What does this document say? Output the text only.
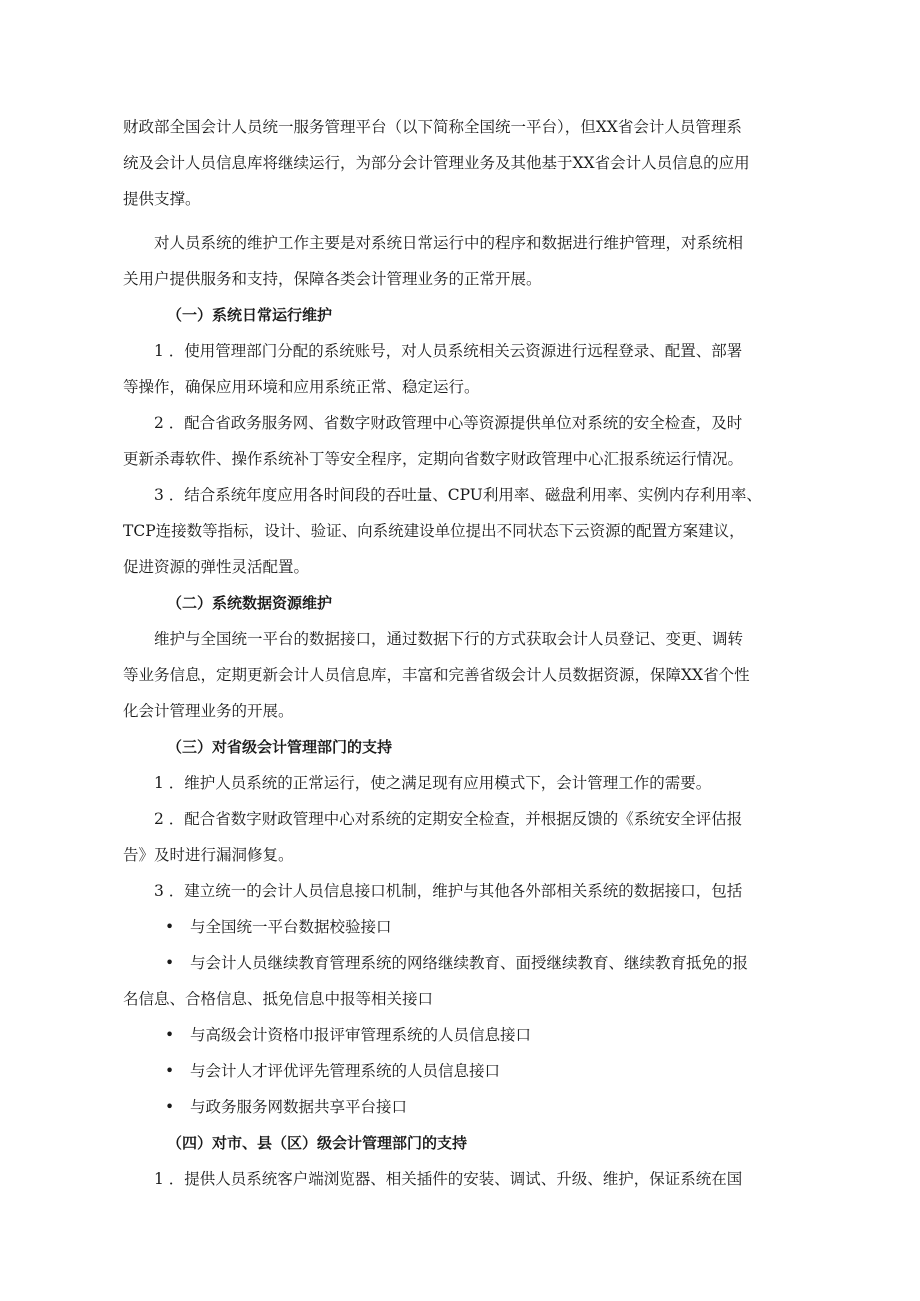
财政部全国会计人员统一服务管理平台（以下简称全国统一平台），但XX省会计人员管理系

统及会计人员信息库将继续运行，为部分会计管理业务及其他基于XX省会计人员信息的应用

提供支撑。

对人员系统的维护工作主要是对系统日常运行中的程序和数据进行维护管理，对系统相

关用户提供服务和支持，保障各类会计管理业务的正常开展。

（一）系统日常运行维护

1 ．使用管理部门分配的系统账号，对人员系统相关云资源进行远程登录、配置、部署

等操作，确保应用环境和应用系统正常、稳定运行。

2 ．配合省政务服务网、省数字财政管理中心等资源提供单位对系统的安全检查，及时

更新杀毒软件、操作系统补丁等安全程序，定期向省数字财政管理中心汇报系统运行情况。

3 ．结合系统年度应用各时间段的吞吐量、CPU利用率、磁盘利用率、实例内存利用率、

TCP连接数等指标，设计、验证、向系统建设单位提出不同状态下云资源的配置方案建议，

促进资源的弹性灵活配置。

（二）系统数据资源维护

维护与全国统一平台的数据接口，通过数据下行的方式获取会计人员登记、变更、调转

等业务信息，定期更新会计人员信息库，丰富和完善省级会计人员数据资源，保障XX省个性

化会计管理业务的开展。

（三）对省级会计管理部门的支持

1 ．维护人员系统的正常运行，使之满足现有应用模式下，会计管理工作的需要。

2 ．配合省数字财政管理中心对系统的定期安全检查，并根据反馈的《系统安全评估报

告》及时进行漏洞修复。

3 ．建立统一的会计人员信息接口机制，维护与其他各外部相关系统的数据接口，包括

• 与全国统一平台数据校验接口
• 与会计人员继续教育管理系统的网络继续教育、面授继续教育、继续教育抵免的报

名信息、合格信息、抵免信息中报等相关接口

• 与高级会计资格巾报评审管理系统的人员信息接口
• 与会计人才评优评先管理系统的人员信息接口
• 与政务服务网数据共享平台接口

（四）对市、县（区）级会计管理部门的支持

1 ．提供人员系统客户端浏览器、相关插件的安装、调试、升级、维护，保证系统在国
